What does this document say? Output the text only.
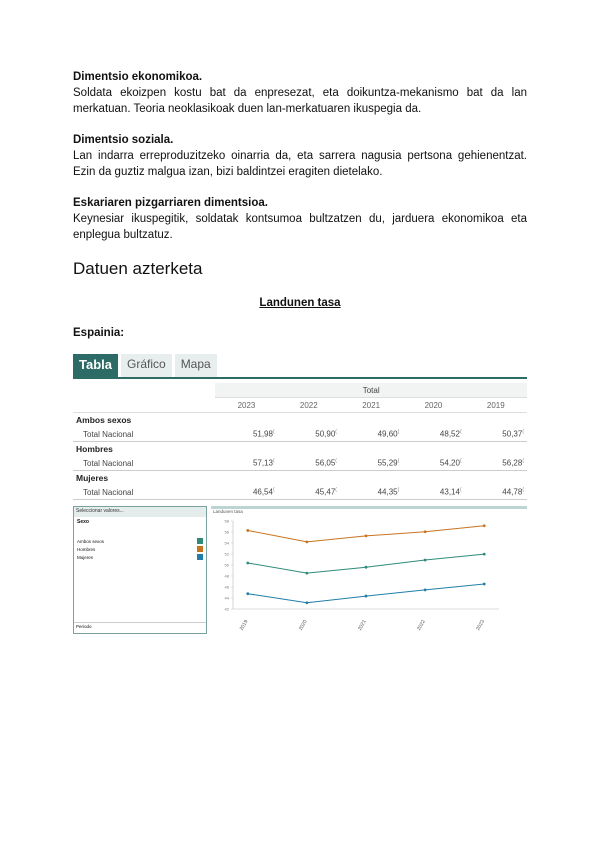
Dimentsio ekonomikoa.

Soldata ekoizpen kostu bat da enpresezat, eta doikuntza-mekanismo bat da lan merkatuan. Teoria neoklasikoak duen lan-merkatuaren ikuspegia da.

Dimentsio soziala.

Lan indarra erreproduzitzeko oinarria da, eta sarrera nagusia pertsona gehienentzat. Ezin da guztiz malgua izan, bizi baldintzei eragiten dietelako.

Eskariaren pizgarriaren dimentsioa.

Keynesiar ikuspegitik, soldatak kontsumoa bultzatzen du, jarduera ekonomikoa eta enplegua bultzatuz.

Datuen azterketa

Landunen tasa

Espainia:

Tabla	Gráfico	Mapa
	Total				
	2023	2022	2021	2020	2019
Ambos sexos					
Total Nacional	51,98(	50,90(	49,60(	48,52(	50,37(
Hombres					
Total Nacional	57,13(	56,05(	55,29(	54,20(	56,28(
Mujeres					
Total Nacional	46,54(	45,47(	44,35(	43,14(	44,78(
Seleccionar valores...
Sexo
Ambos sexos
Hombres
Mujeres
Periodo
Landunen tasa
42
44
46
48
50
52
54
56
58
2019	2020	2021	2022	2023
